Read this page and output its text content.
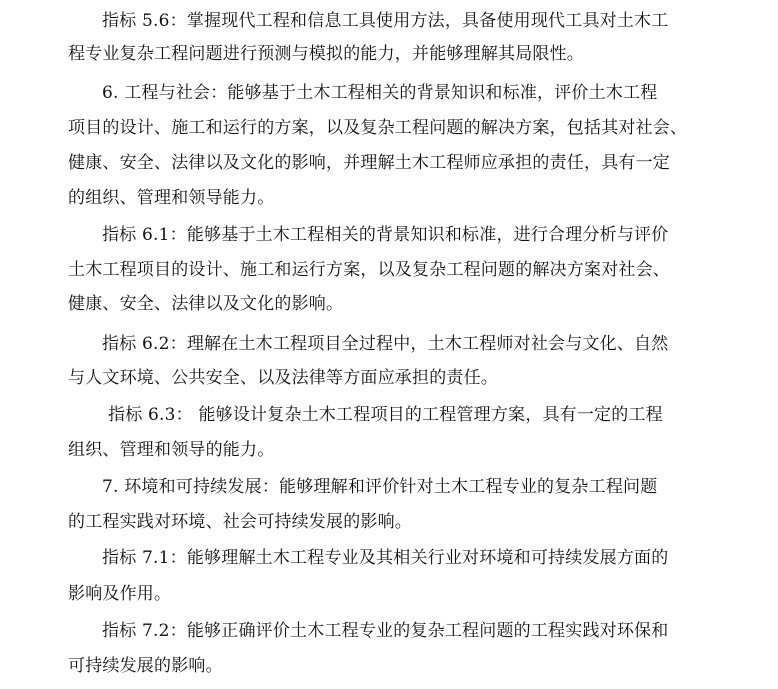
指标 5.6：掌握现代工程和信息工具使用方法，具备使用现代工具对土木工
程专业复杂工程问题进行预测与模拟的能力，并能够理解其局限性。
6. 工程与社会：能够基于土木工程相关的背景知识和标准，评价土木工程
项目的设计、施工和运行的方案，以及复杂工程问题的解决方案，包括其对社会、
健康、安全、法律以及文化的影响，并理解土木工程师应承担的责任，具有一定
的组织、管理和领导能力。
指标 6.1：能够基于土木工程相关的背景知识和标准，进行合理分析与评价
土木工程项目的设计、施工和运行方案，以及复杂工程问题的解决方案对社会、
健康、安全、法律以及文化的影响。
指标 6.2：理解在土木工程项目全过程中，土木工程师对社会与文化、自然
与人文环境、公共安全、以及法律等方面应承担的责任。
指标 6.3： 能够设计复杂土木工程项目的工程管理方案，具有一定的工程
组织、管理和领导的能力。
7. 环境和可持续发展：能够理解和评价针对土木工程专业的复杂工程问题
的工程实践对环境、社会可持续发展的影响。
指标 7.1：能够理解土木工程专业及其相关行业对环境和可持续发展方面的
影响及作用。
指标 7.2：能够正确评价土木工程专业的复杂工程问题的工程实践对环保和
可持续发展的影响。
